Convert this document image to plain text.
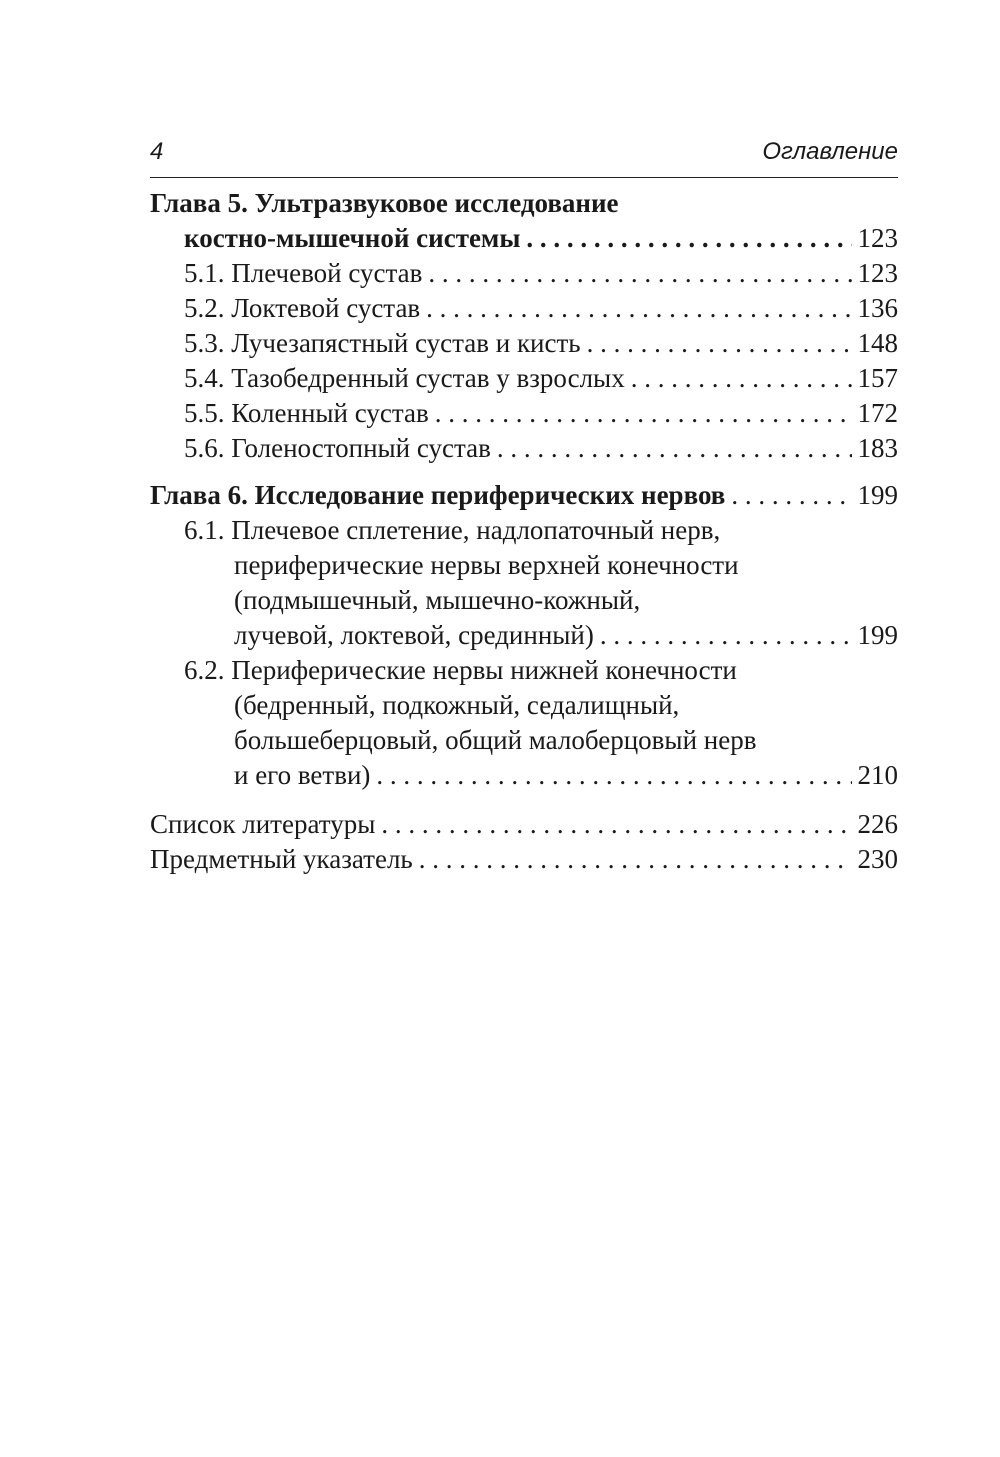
4	Оглавление
Глава 5. Ультразвуковое исследование
костно-мышечной системы . . .	123
5.1. Плечевой сустав . . .	123
5.2. Локтевой сустав . . .	136
5.3. Лучезапястный сустав и кисть . . .	148
5.4. Тазобедренный сустав у взрослых . . .	157
5.5. Коленный сустав . . .	172
5.6. Голеностопный сустав . . .	183
Глава 6. Исследование периферических нервов . . .	199
6.1. Плечевое сплетение, надлопаточный нерв,
периферические нервы верхней конечности
(подмышечный, мышечно-кожный,
лучевой, локтевой, срединный) . . .	199
6.2. Периферические нервы нижней конечности
(бедренный, подкожный, седалищный,
большеберцовый, общий малоберцовый нерв
и его ветви) . . .	210
Список литературы . . .	226
Предметный указатель . . .	230
